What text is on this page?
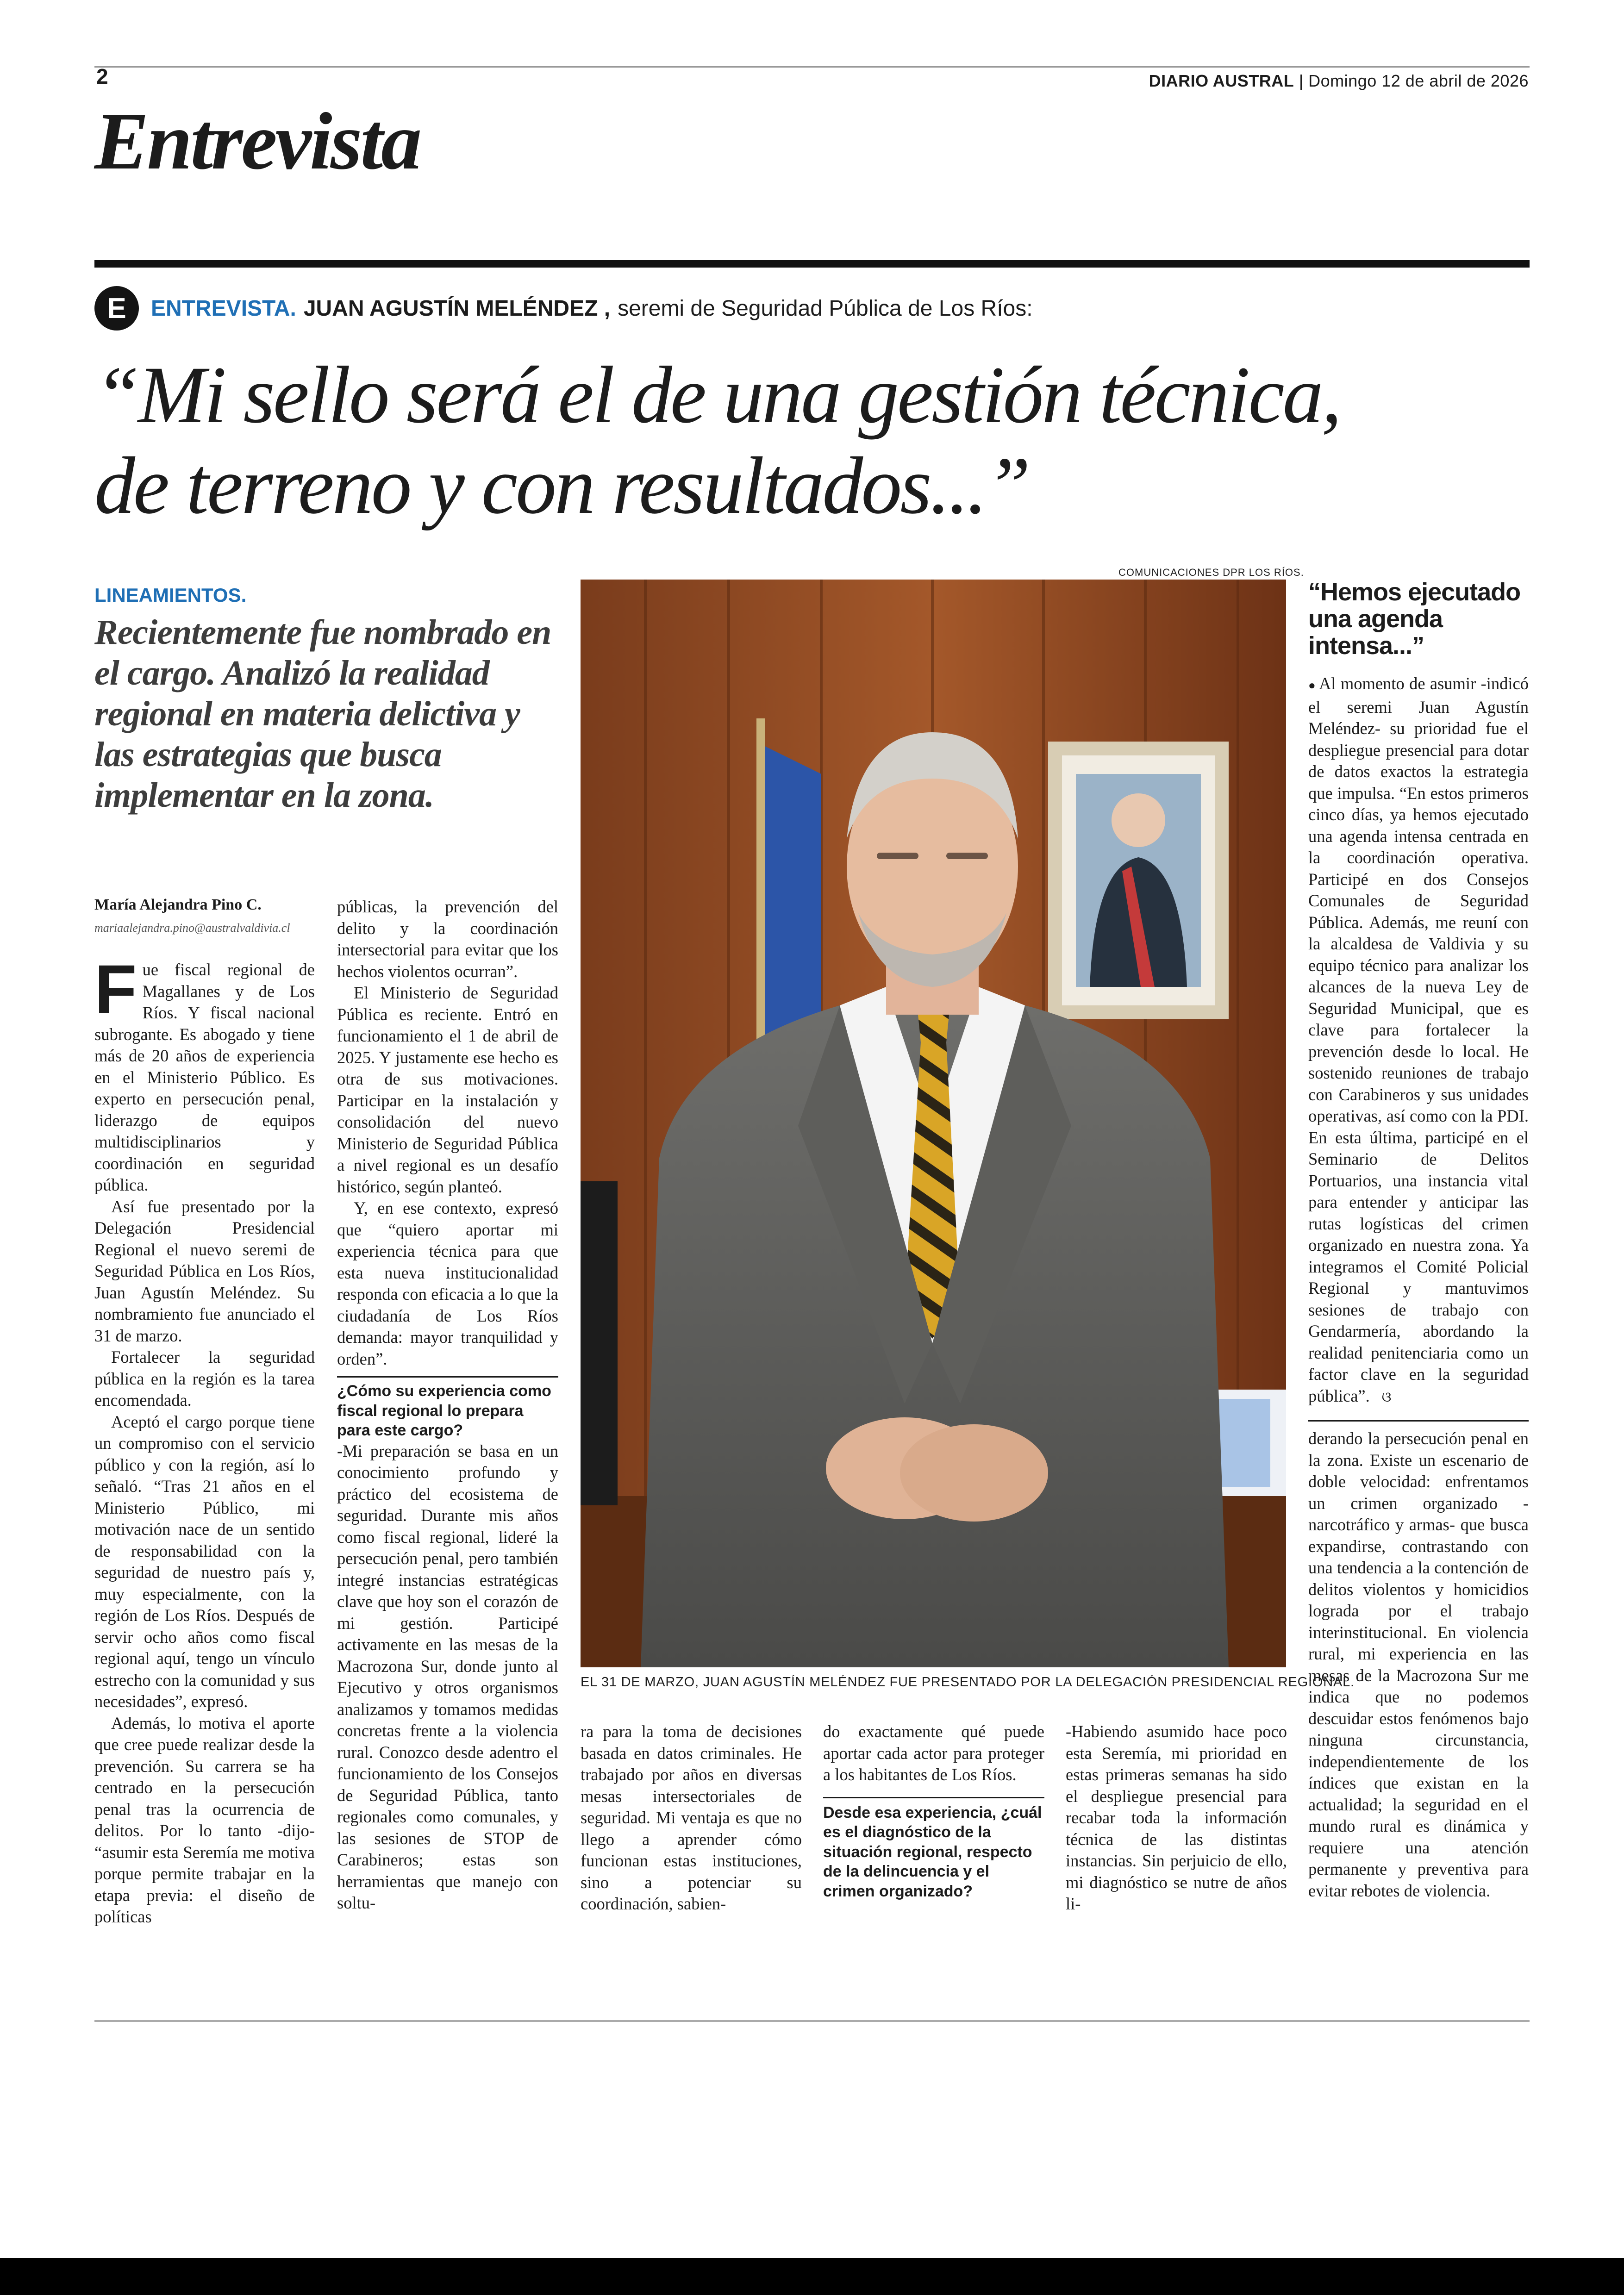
2	DIARIO AUSTRAL | Domingo 12 de abril de 2026
Entrevista
E	ENTREVISTA. JUAN AGUSTÍN MELÉNDEZ , seremi de Seguridad Pública de Los Ríos:
“Mi sello será el de una gestión técnica,
de terreno y con resultados...”
LINEAMIENTOS.
Recientemente fue nombrado en el cargo. Analizó la realidad regional en materia delictiva y las estrategias que busca implementar en la zona.
María Alejandra Pino C.
mariaalejandra.pino@australvaldivia.cl

Fue fiscal regional de Magallanes y de Los Ríos. Y fiscal nacional subrogante. Es abogado y tiene más de 20 años de experiencia en el Ministerio Público. Es experto en persecución penal, liderazgo de equipos multidisciplinarios y coordinación en seguridad pública.

Así fue presentado por la Delegación Presidencial Regional el nuevo seremi de Seguridad Pública en Los Ríos, Juan Agustín Meléndez. Su nombramiento fue anunciado el 31 de marzo.

Fortalecer la seguridad pública en la región es la tarea encomendada.

Aceptó el cargo porque tiene un compromiso con el servicio público y con la región, así lo señaló. “Tras 21 años en el Ministerio Público, mi motivación nace de un sentido de responsabilidad con la seguridad de nuestro país y, muy especialmente, con la región de Los Ríos. Después de servir ocho años como fiscal regional aquí, tengo un vínculo estrecho con la comunidad y sus necesidades”, expresó.

Además, lo motiva el aporte que cree puede realizar desde la prevención. Su carrera se ha centrado en la persecución penal tras la ocurrencia de delitos. Por lo tanto -dijo- “asumir esta Seremía me motiva porque permite trabajar en la etapa previa: el diseño de políticas

públicas, la prevención del delito y la coordinación intersectorial para evitar que los hechos violentos ocurran”.

El Ministerio de Seguridad Pública es reciente. Entró en funcionamiento el 1 de abril de 2025. Y justamente ese hecho es otra de sus motivaciones. Participar en la instalación y consolidación del nuevo Ministerio de Seguridad Pública a nivel regional es un desafío histórico, según planteó.

Y, en ese contexto, expresó que “quiero aportar mi experiencia técnica para que esta nueva institucionalidad responda con eficacia a lo que la ciudadanía de Los Ríos demanda: mayor tranquilidad y orden”.

¿Cómo su experiencia como fiscal regional lo prepara para este cargo?

-Mi preparación se basa en un conocimiento profundo y práctico del ecosistema de seguridad. Durante mis años como fiscal regional, lideré la persecución penal, pero también integré instancias estratégicas clave que hoy son el corazón de mi gestión. Participé activamente en las mesas de la Macrozona Sur, donde junto al Ejecutivo y otros organismos analizamos y tomamos medidas concretas frente a la violencia rural. Conozco desde adentro el funcionamiento de los Consejos de Seguridad Pública, tanto regionales como comunales, y las sesiones de STOP de Carabineros; estas son herramientas que manejo con soltu-

COMUNICACIONES DPR LOS RÍOS.
EL 31 DE MARZO, JUAN AGUSTÍN MELÉNDEZ FUE PRESENTADO POR LA DELEGACIÓN PRESIDENCIAL REGIONAL.

ra para la toma de decisiones basada en datos criminales. He trabajado por años en diversas mesas intersectoriales de seguridad. Mi ventaja es que no llego a aprender cómo funcionan estas instituciones, sino a potenciar su coordinación, sabien-

do exactamente qué puede aportar cada actor para proteger a los habitantes de Los Ríos.

Desde esa experiencia, ¿cuál es el diagnóstico de la situación regional, respecto de la delincuencia y el crimen organizado?

-Habiendo asumido hace poco esta Seremía, mi prioridad en estas primeras semanas ha sido el despliegue presencial para recabar toda la información técnica de las distintas instancias. Sin perjuicio de ello, mi diagnóstico se nutre de años li-

“Hemos ejecutado una agenda intensa...”

● Al momento de asumir -indicó el seremi Juan Agustín Meléndez- su prioridad fue el despliegue presencial para dotar de datos exactos la estrategia que impulsa. “En estos primeros cinco días, ya hemos ejecutado una agenda intensa centrada en la coordinación operativa. Participé en dos Consejos Comunales de Seguridad Pública. Además, me reuní con la alcaldesa de Valdivia y su equipo técnico para analizar los alcances de la nueva Ley de Seguridad Municipal, que es clave para fortalecer la prevención desde lo local. He sostenido reuniones de trabajo con Carabineros y sus unidades operativas, así como con la PDI. En esta última, participé en el Seminario de Delitos Portuarios, una instancia vital para entender y anticipar las rutas logísticas del crimen organizado en nuestra zona. Ya integramos el Comité Policial Regional y mantuvimos sesiones de trabajo con Gendarmería, abordando la realidad penitenciaria como un factor clave en la seguridad pública”. ଓ

derando la persecución penal en la zona. Existe un escenario de doble velocidad: enfrentamos un crimen organizado -narcotráfico y armas- que busca expandirse, contrastando con una tendencia a la contención de delitos violentos y homicidios lograda por el trabajo interinstitucional. En violencia rural, mi experiencia en las mesas de la Macrozona Sur me indica que no podemos descuidar estos fenómenos bajo ninguna circunstancia, independientemente de los índices que existan en la actualidad; la seguridad en el mundo rural es dinámica y requiere una atención permanente y preventiva para evitar rebotes de violencia.
